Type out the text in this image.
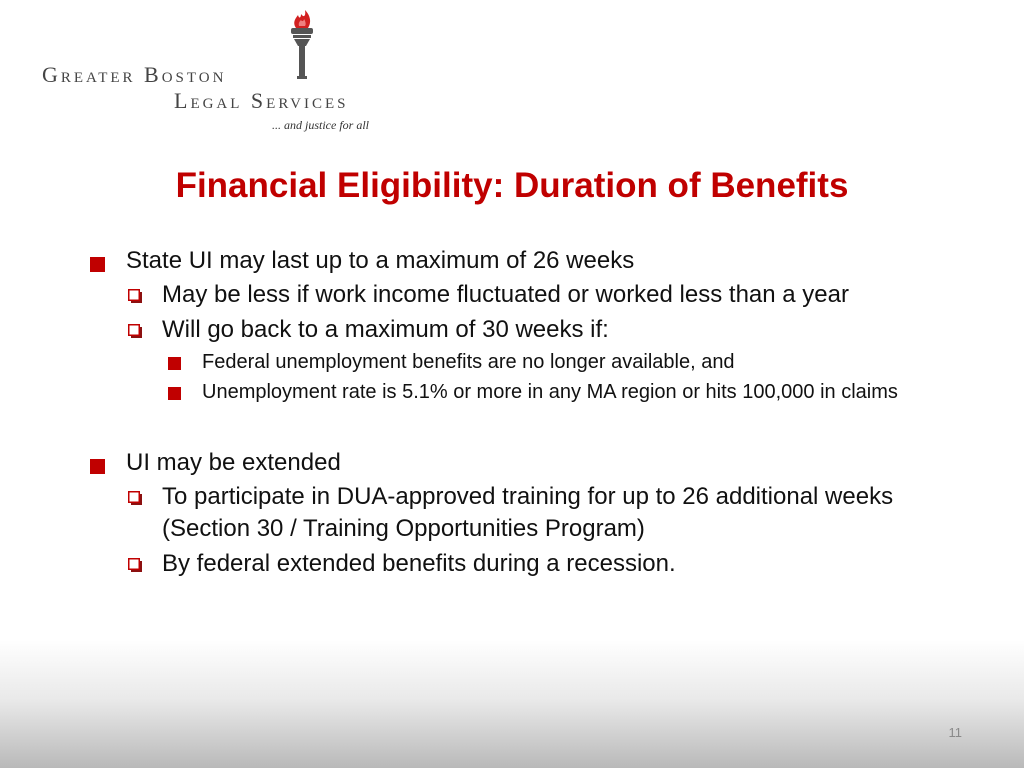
Greater Boston
Legal Services
... and justice for all
Financial Eligibility: Duration of Benefits
State UI may last up to a maximum of 26 weeks
May be less if work income fluctuated or worked less than a year
Will go back to a maximum of 30 weeks if:
Federal unemployment benefits are no longer available, and
Unemployment rate is 5.1% or more in any MA region or hits 100,000 in claims
UI may be extended
To participate in DUA-approved training for up to 26 additional weeks (Section 30 / Training Opportunities Program)
By federal extended benefits during a recession.
11
